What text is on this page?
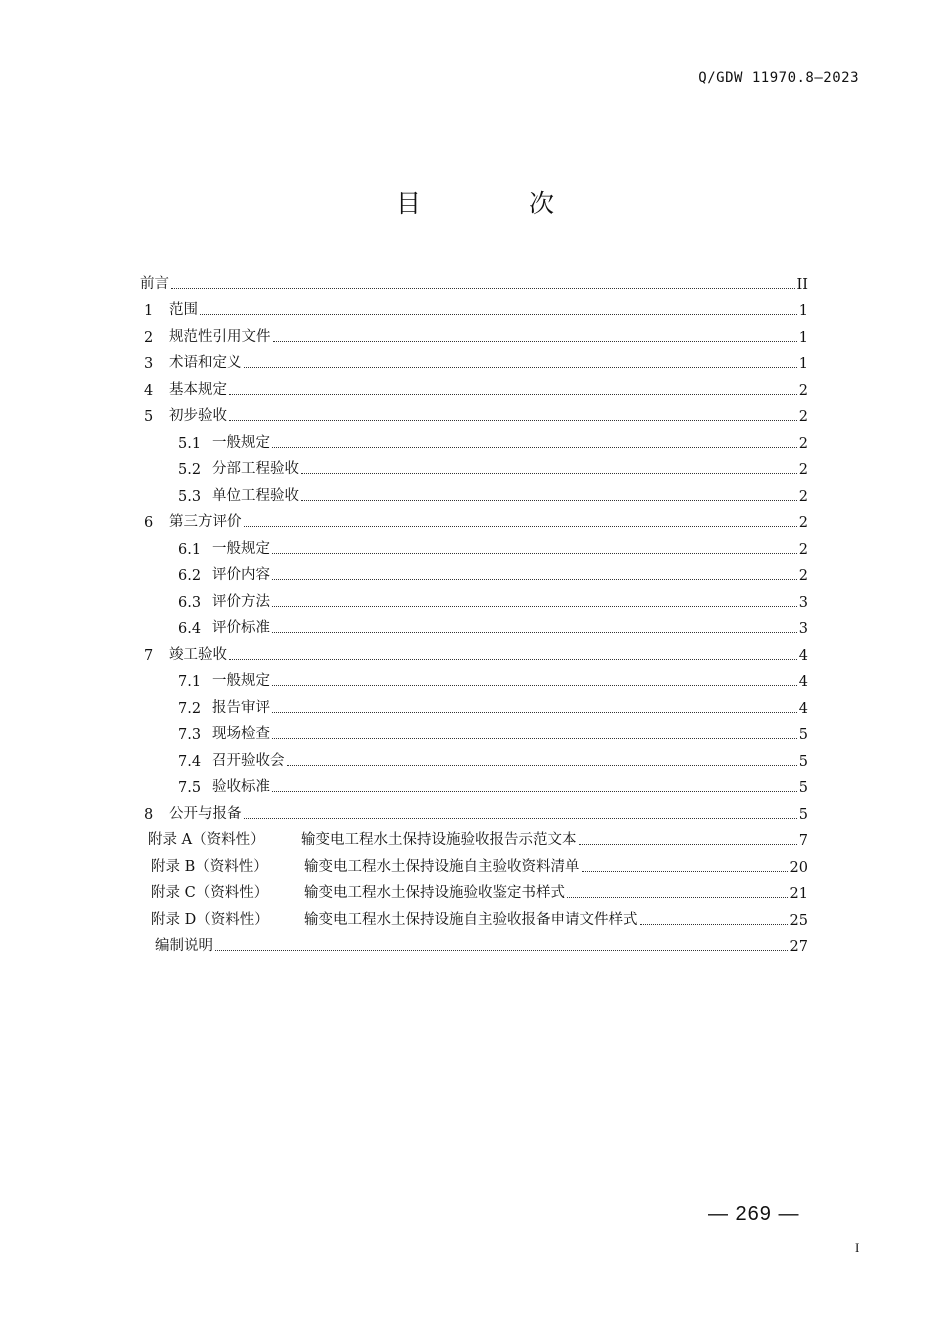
Q/GDW 11970.8—2023
目 次
前言	II
1	范围	1
2	规范性引用文件	1
3	术语和定义	1
4	基本规定	2
5	初步验收	2
5.1 一般规定	2
5.2 分部工程验收	2
5.3 单位工程验收	2
6	第三方评价	2
6.1 一般规定	2
6.2 评价内容	2
6.3 评价方法	3
6.4 评价标准	3
7	竣工验收	4
7.1 一般规定	4
7.2 报告审评	4
7.3 现场检查	5
7.4 召开验收会	5
7.5 验收标准	5
8	公开与报备	5
附录 A（资料性）	输变电工程水土保持设施验收报告示范文本	7
附录 B（资料性）	输变电工程水土保持设施自主验收资料清单	20
附录 C（资料性）	输变电工程水土保持设施验收鉴定书样式	21
附录 D（资料性）	输变电工程水土保持设施自主验收报备申请文件样式	25
编制说明	27
— 269 —
I
